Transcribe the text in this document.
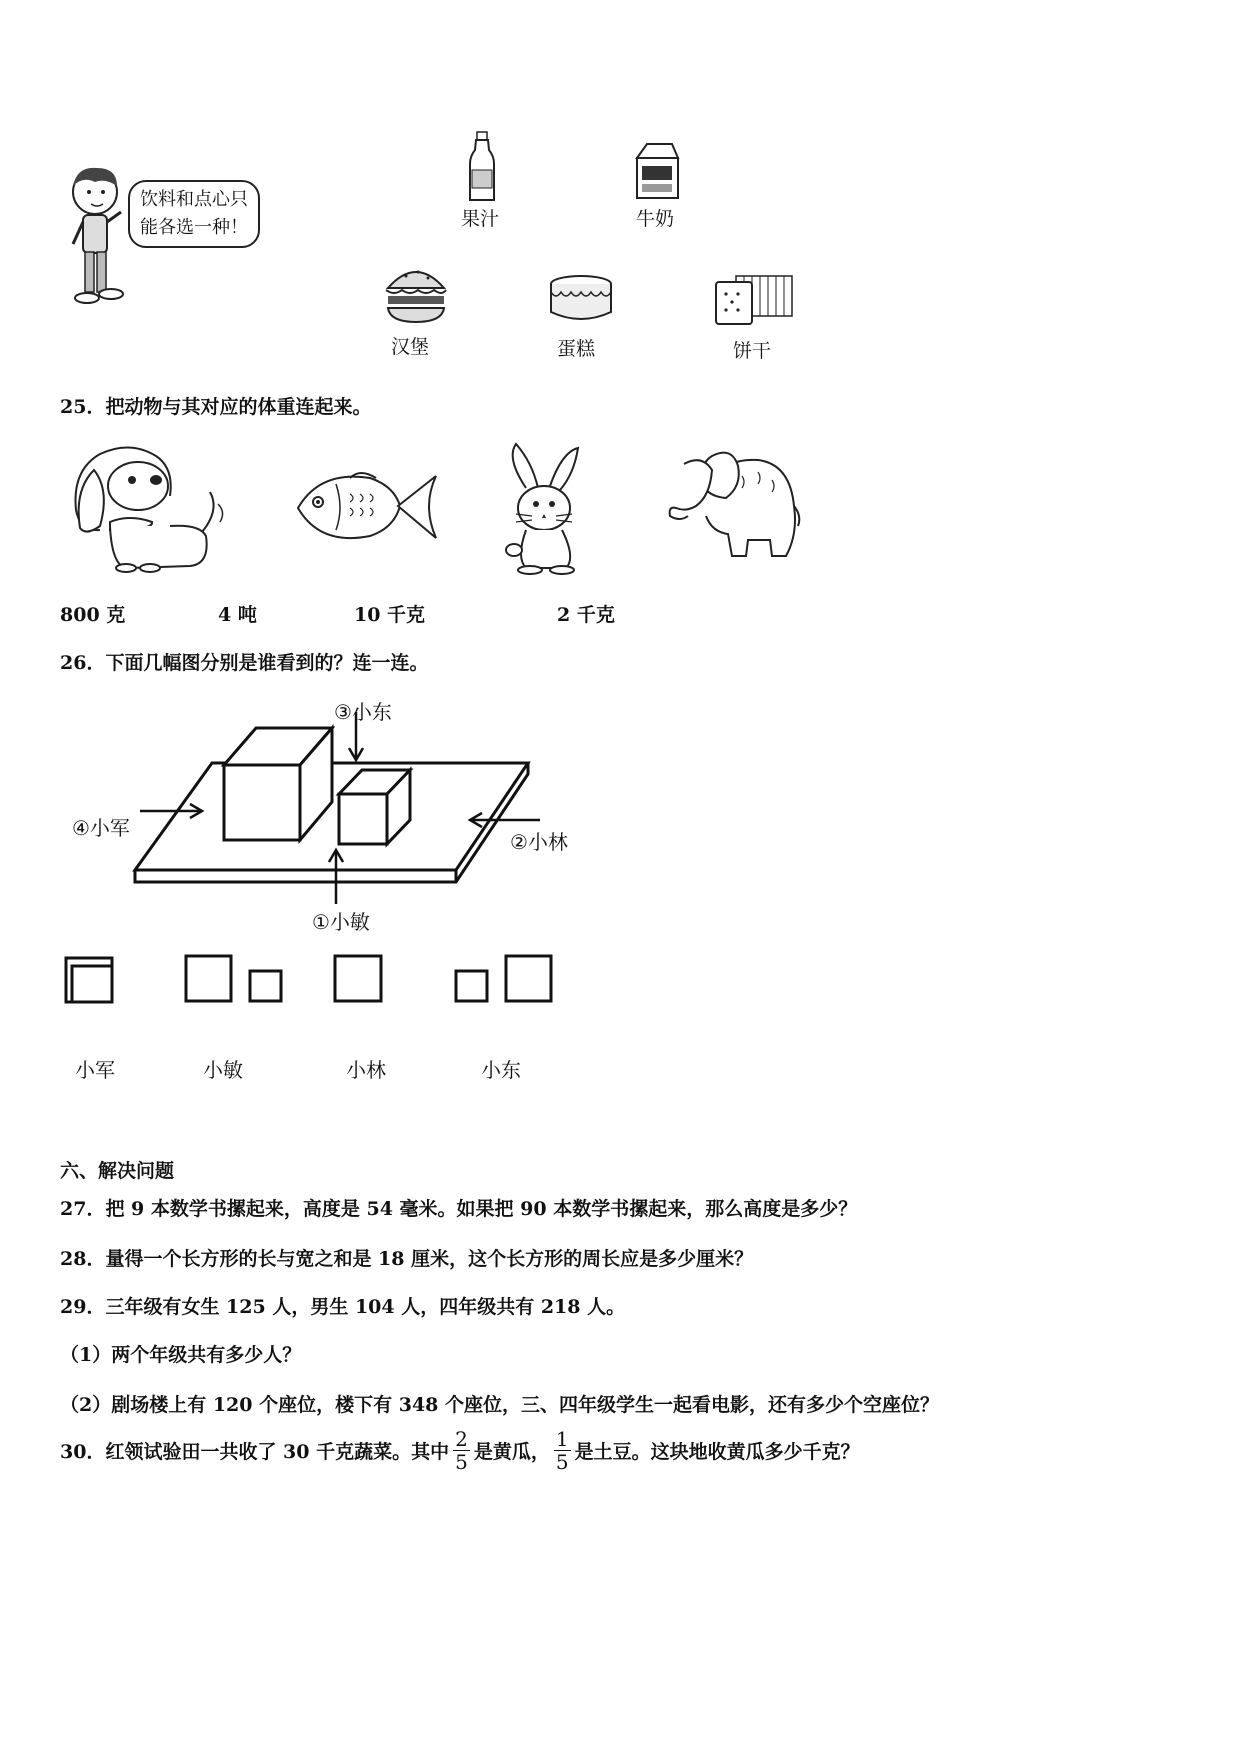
饮料和点心只
能各选一种！	果汁	牛奶
汉堡	蛋糕	饼干
25．把动物与其对应的体重连起来。
800 克	4 吨	10 千克	2 千克
26．下面几幅图分别是谁看到的？连一连。
③小东
④小军
②小林
①小敏
小军	小敏	小林	小东
六、解决问题
27．把 9 本数学书摞起来，高度是 54 毫米。如果把 90 本数学书摞起来，那么高度是多少？
28．量得一个长方形的长与宽之和是 18 厘米，这个长方形的周长应是多少厘米？
29．三年级有女生 125 人，男生 104 人，四年级共有 218 人。
（1）两个年级共有多少人？
（2）剧场楼上有 120 个座位，楼下有 348 个座位，三、四年级学生一起看电影，还有多少个空座位？
30．红领试验田一共收了 30 千克蔬菜。其中 $\frac{2}{5}$ 是黄瓜， $\frac{1}{5}$ 是土豆。这块地收黄瓜多少千克？
